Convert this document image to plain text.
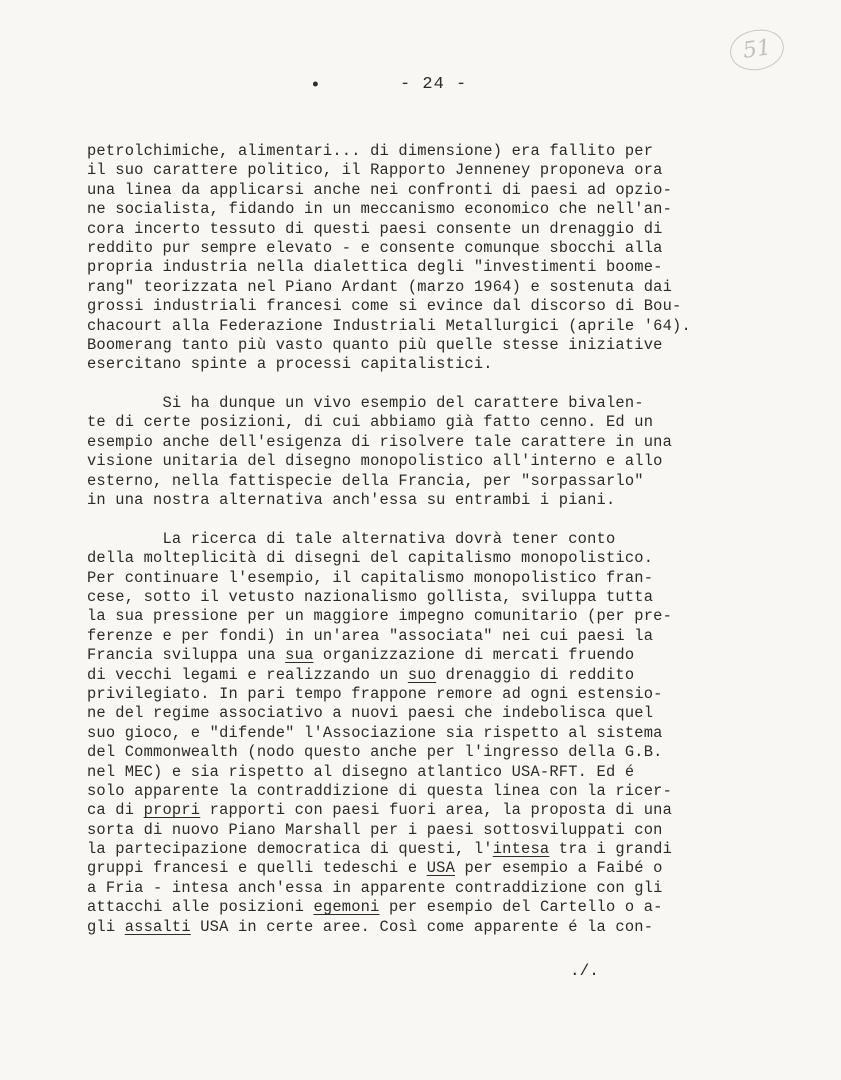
•	- 24 -
51
petrolchimiche, alimentari... di dimensione) era fallito per
il suo carattere politico, il Rapporto Jenneney proponeva ora
una linea da applicarsi anche nei confronti di paesi ad opzio-
ne socialista, fidando in un meccanismo economico che nell'an-
cora incerto tessuto di questi paesi consente un drenaggio di
reddito pur sempre elevato - e consente comunque sbocchi alla
propria industria nella dialettica degli "investimenti boome-
rang" teorizzata nel Piano Ardant (marzo 1964) e sostenuta dai
grossi industriali francesi come si evince dal discorso di Bou-
chacourt alla Federazione Industriali Metallurgici (aprile '64).
Boomerang tanto più vasto quanto più quelle stesse iniziative
esercitano spinte a processi capitalistici.
Si ha dunque un vivo esempio del carattere bivalen-
te di certe posizioni, di cui abbiamo già fatto cenno. Ed un
esempio anche dell'esigenza di risolvere tale carattere in una
visione unitaria del disegno monopolistico all'interno e allo
esterno, nella fattispecie della Francia, per "sorpassarlo"
in una nostra alternativa anch'essa su entrambi i piani.
La ricerca di tale alternativa dovrà tener conto
della molteplicità di disegni del capitalismo monopolistico.
Per continuare l'esempio, il capitalismo monopolistico fran-
cese, sotto il vetusto nazionalismo gollista, sviluppa tutta
la sua pressione per un maggiore impegno comunitario (per pre-
ferenze e per fondi) in un'area "associata" nei cui paesi la
Francia sviluppa una sua organizzazione di mercati fruendo
di vecchi legami e realizzando un suo drenaggio di reddito
privilegiato. In pari tempo frappone remore ad ogni estensio-
ne del regime associativo a nuovi paesi che indebolisca quel
suo gioco, e "difende" l'Associazione sia rispetto al sistema
del Commonwealth (nodo questo anche per l'ingresso della G.B.
nel MEC) e sia rispetto al disegno atlantico USA-RFT. Ed é
solo apparente la contraddizione di questa linea con la ricer-
ca di propri rapporti con paesi fuori area, la proposta di una
sorta di nuovo Piano Marshall per i paesi sottosviluppati con
la partecipazione democratica di questi, l'intesa tra i grandi
gruppi francesi e quelli tedeschi e USA per esempio a Faibé o
a Fria - intesa anch'essa in apparente contraddizione con gli
attacchi alle posizioni egemoni per esempio del Cartello o a-
gli assalti USA in certe aree. Così come apparente é la con-
./.
